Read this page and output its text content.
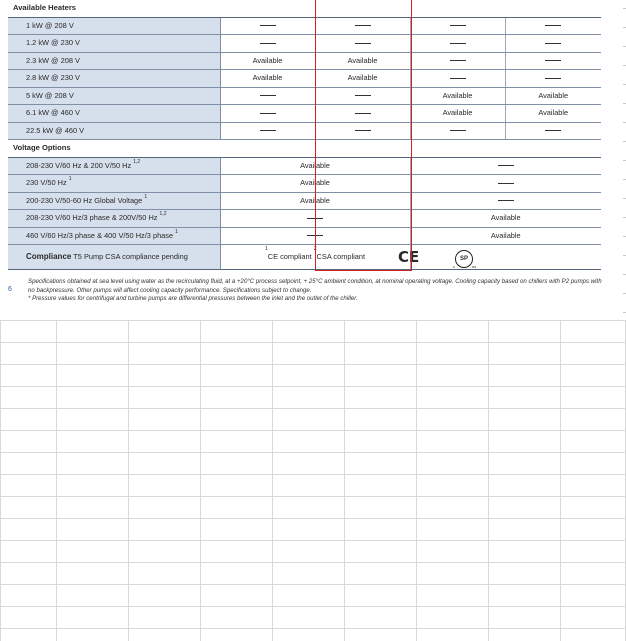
Available Heaters				
1 kW @ 208 V				
1.2 kW @ 230 V				
2.3 kW @ 208 V	Available	Available		
2.8 kW @ 230 V	Available	Available		
5 kW @ 208 V			Available	Available
6.1 kW @ 460 V			Available	Available
22.5 kW @ 460 V				
Voltage Options				
208-230 V/60 Hz & 200 V/50 Hz $^{1,2}$	Available	
230 V/50 Hz $^1$	Available	
200-230 V/50-60 Hz Global Voltage $^1$	Available	
208-230 V/60 Hz/3 phase & 200V/50 Hz $^{1,2}$			Available	
460 V/60 Hz/3 phase & 400 V/50 Hz/3 phase $^1$			Available	
Compliance T5 Pump CSA compliance pending	$^1$CE compliant $^2$CSA compliant			CE	SP
c	us
6
Specifications obtained at sea level using water as the recirculating fluid, at a +20°C process setpoint, + 25°C ambient condition, at nominal operating voltage. Cooling capacity based on chillers with P2 pumps with no backpressure. Other pumps will affect cooling capacity performance. Specifications subject to change.
* Pressure values for centrifugal and turbine pumps are differential pressures between the inlet and the outlet of the chiller.
